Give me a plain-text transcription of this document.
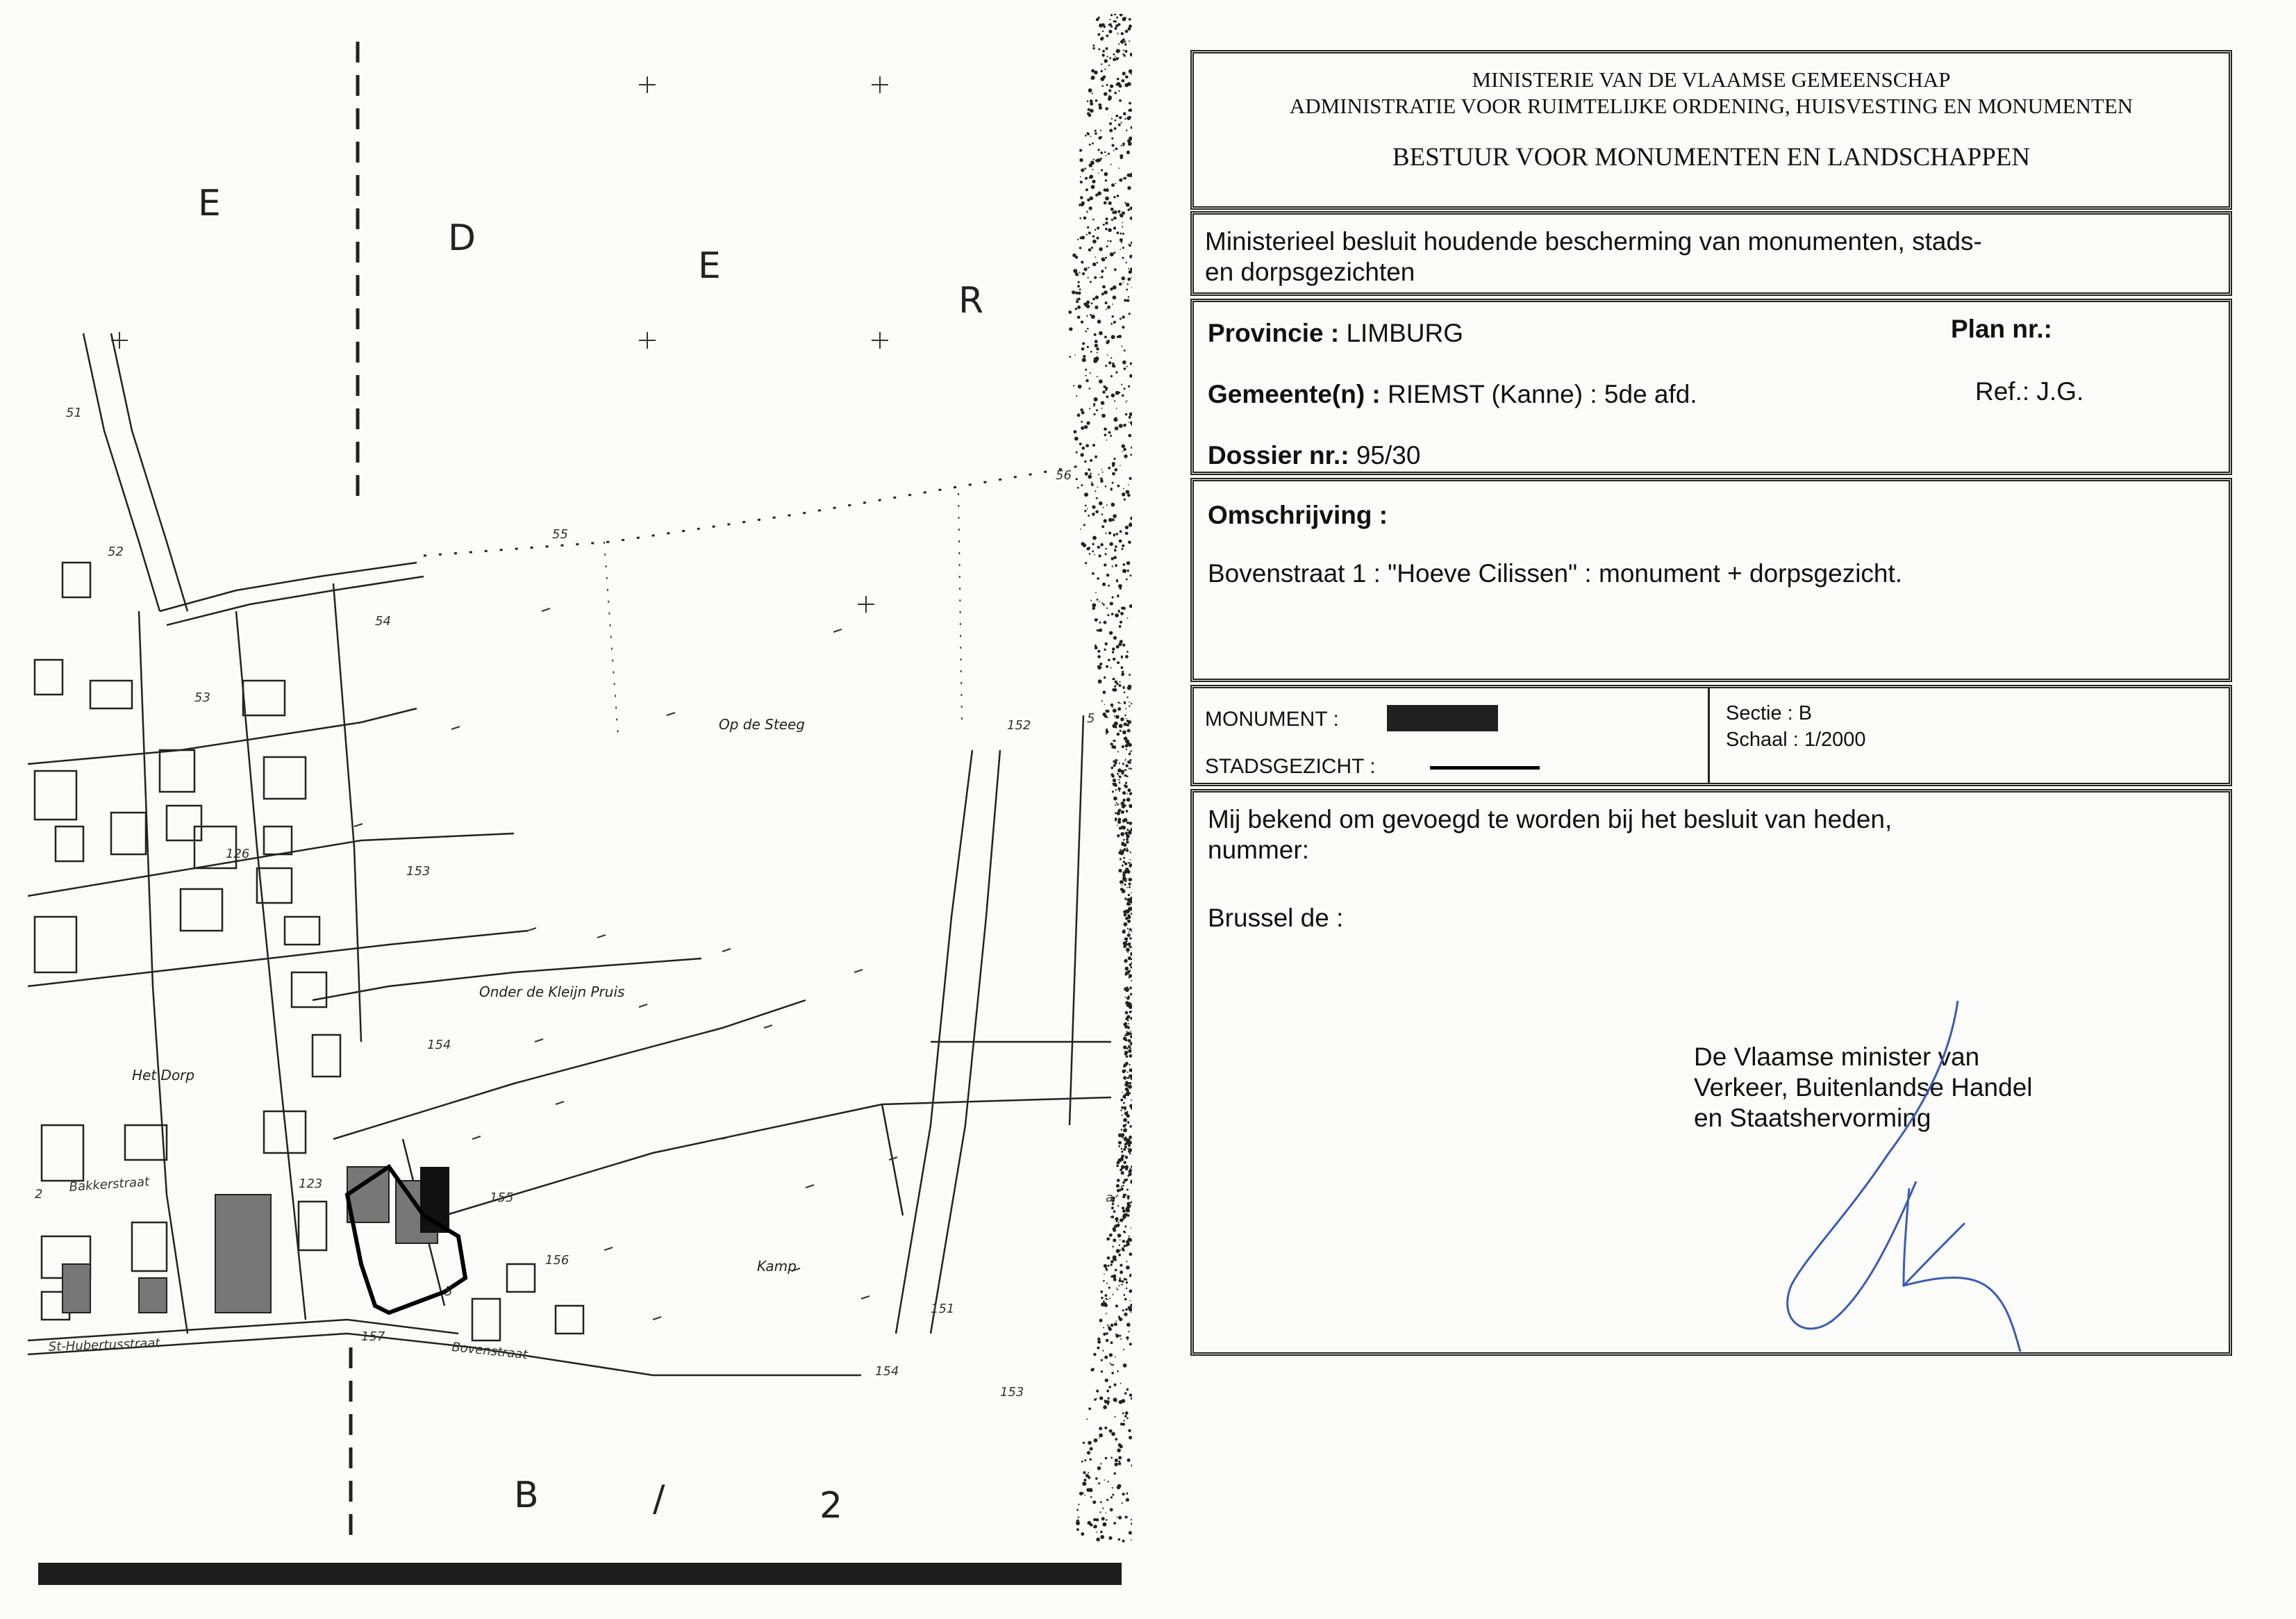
E
D
E
R
B	/	2
Op de Steeg
Onder de Kleijn Pruis
Het Dorp
Kamp
Bakkerstraat
St-Hubertusstraat	Bovenstraat
51
52
53
54
55
56
126
153
154
152
155
156
157
123
154
151
153
2
5
5
a
MINISTERIE VAN DE VLAAMSE GEMEENSCHAP
ADMINISTRATIE VOOR RUIMTELIJKE ORDENING, HUISVESTING EN MONUMENTEN
BESTUUR VOOR MONUMENTEN EN LANDSCHAPPEN
Ministerieel besluit houdende bescherming van monumenten, stads-
en dorpsgezichten
Provincie : LIMBURG	Plan nr.:
Gemeente(n) : RIEMST (Kanne) : 5de afd.	Ref.: J.G.
Dossier nr.: 95/30
Omschrijving :
Bovenstraat 1 : "Hoeve Cilissen" : monument + dorpsgezicht.
MONUMENT :
STADSGEZICHT :
Sectie : B
Schaal : 1/2000
Mij bekend om gevoegd te worden bij het besluit van heden,
nummer:
Brussel de :
De Vlaamse minister van
Verkeer, Buitenlandse Handel
en Staatshervorming
